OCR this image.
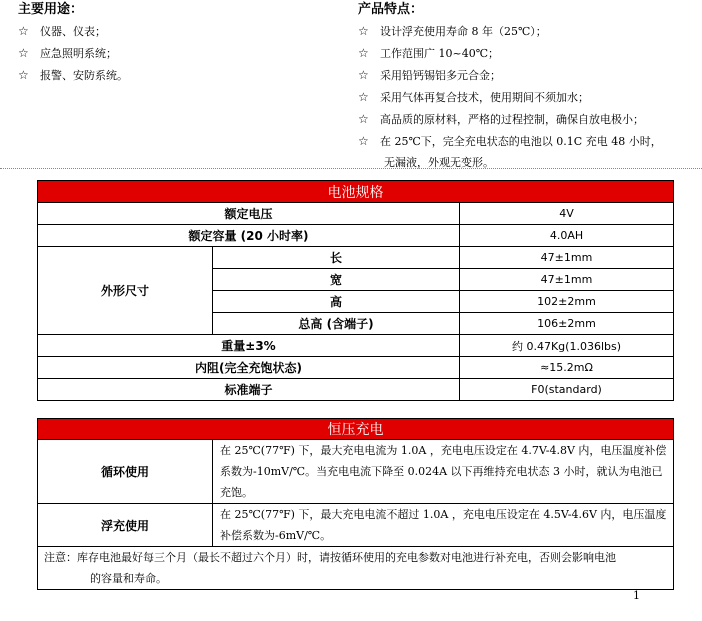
主要用途：
☆ 仪器、仪表；
☆ 应急照明系统；
☆ 报警、安防系统。
产品特点：
☆ 设计浮充使用寿命 8 年（25℃）；
☆ 工作范围广 10~40℃；
☆ 采用铅钙锡铝多元合金；
☆ 采用气体再复合技术，使用期间不须加水；
☆ 高品质的原材料，严格的过程控制，确保自放电极小；
☆ 在 25℃下，完全充电状态的电池以 0.1C 充电 48 小时，
无漏液，外观无变形。
电池规格		
额定电压		4V
额定容量 (20 小时率)		4.0AH
外形尺寸	长	47±1mm
	宽	47±1mm
	高	102±2mm
	总高 (含端子)	106±2mm
重量±3%		约 0.47Kg(1.036lbs)
内阻(完全充饱状态)		≈15.2mΩ
标准端子		F0(standard)
恒压充电	
循环使用	在 25℃(77℉) 下，最大充电电流为 1.0A ，充电电压设定在 4.7V-4.8V 内，电压温度补偿系数为-10mV/℃。当充电电流下降至 0.024A 以下再维持充电状态 3 小时，就认为电池已充饱。
浮充使用	在 25℃(77℉) 下，最大充电电流不超过 1.0A ，充电电压设定在 4.5V-4.6V 内，电压温度补偿系数为-6mV/℃。

注意：库存电池最好每三个月（最长不超过六个月）时，请按循环使用的充电参数对电池进行补充电，否则会影响电池
的容量和寿命。	
1
